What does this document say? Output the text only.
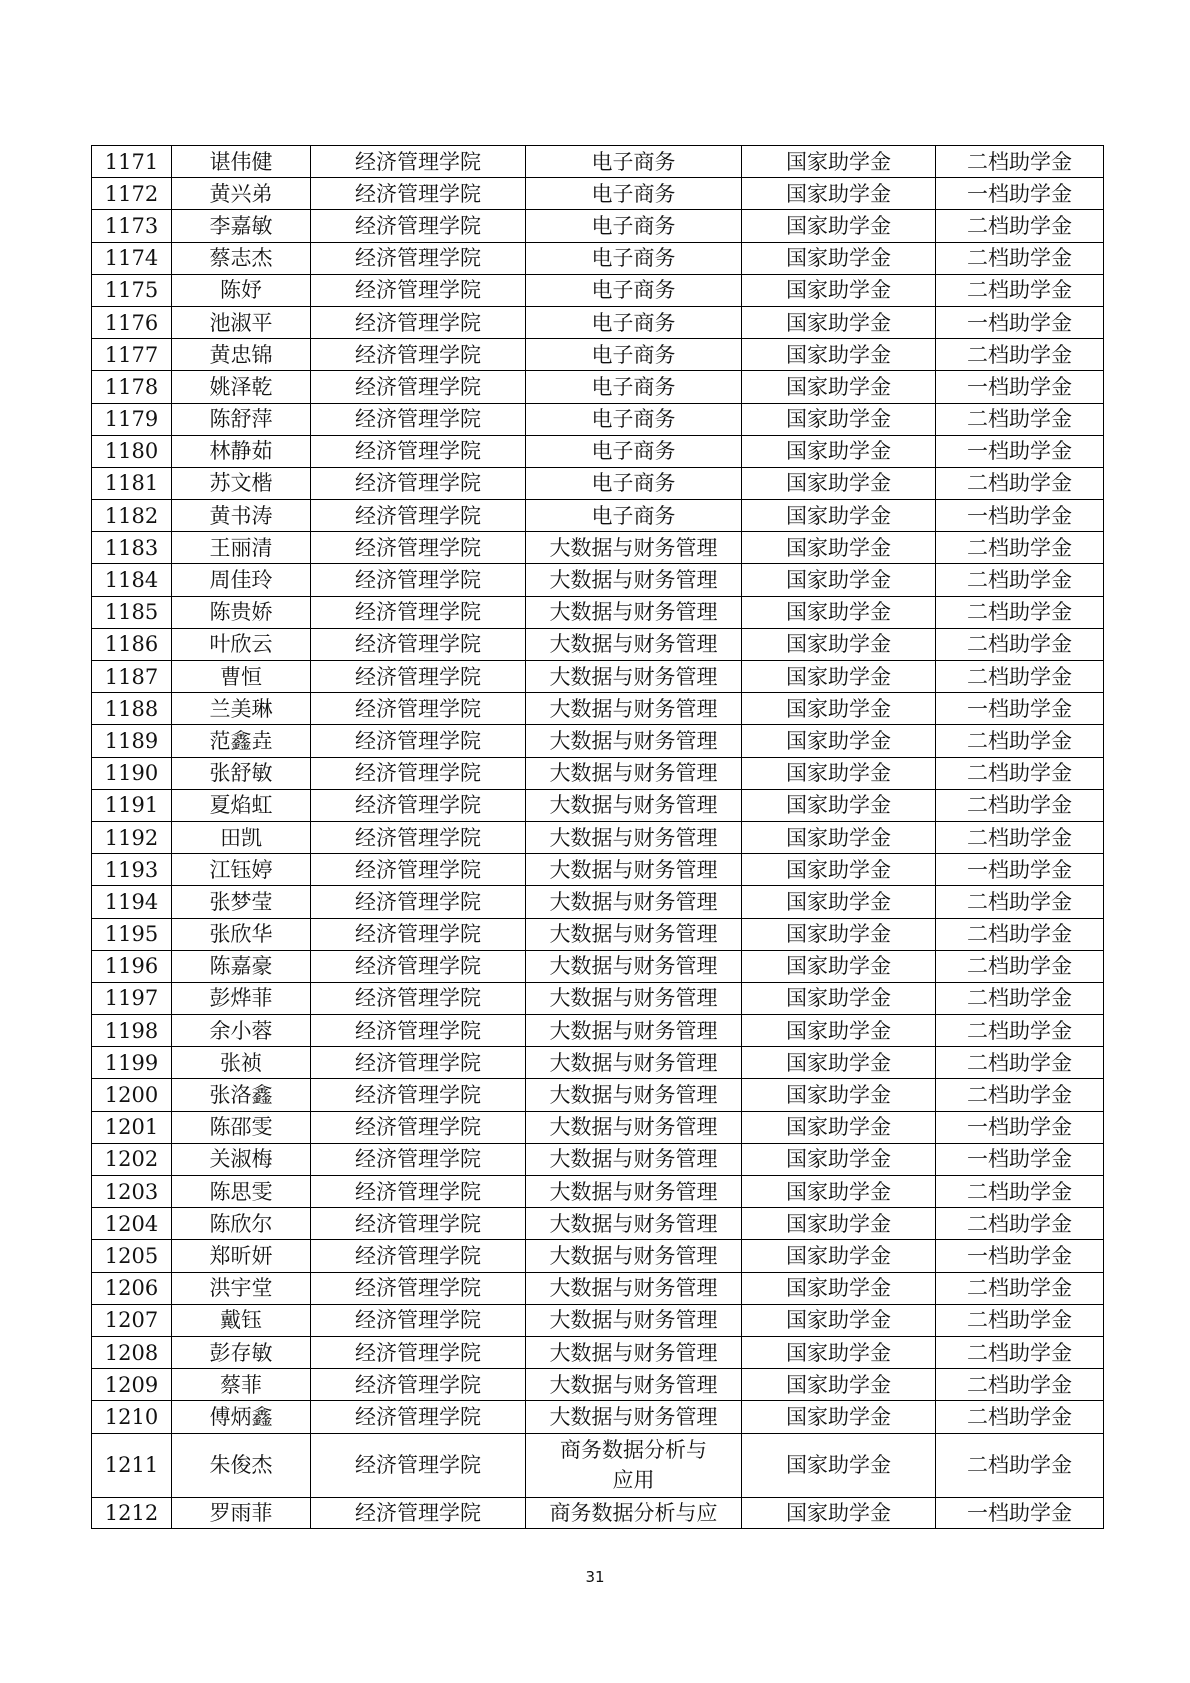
1171	谌伟健	经济管理学院	电子商务	国家助学金	二档助学金
1172	黄兴弟	经济管理学院	电子商务	国家助学金	一档助学金
1173	李嘉敏	经济管理学院	电子商务	国家助学金	二档助学金
1174	蔡志杰	经济管理学院	电子商务	国家助学金	二档助学金
1175	陈妤	经济管理学院	电子商务	国家助学金	二档助学金
1176	池淑平	经济管理学院	电子商务	国家助学金	一档助学金
1177	黄忠锦	经济管理学院	电子商务	国家助学金	二档助学金
1178	姚泽乾	经济管理学院	电子商务	国家助学金	一档助学金
1179	陈舒萍	经济管理学院	电子商务	国家助学金	二档助学金
1180	林静茹	经济管理学院	电子商务	国家助学金	一档助学金
1181	苏文楷	经济管理学院	电子商务	国家助学金	二档助学金
1182	黄书涛	经济管理学院	电子商务	国家助学金	一档助学金
1183	王丽清	经济管理学院	大数据与财务管理	国家助学金	二档助学金
1184	周佳玲	经济管理学院	大数据与财务管理	国家助学金	二档助学金
1185	陈贵娇	经济管理学院	大数据与财务管理	国家助学金	二档助学金
1186	叶欣云	经济管理学院	大数据与财务管理	国家助学金	二档助学金
1187	曹恒	经济管理学院	大数据与财务管理	国家助学金	二档助学金
1188	兰美琳	经济管理学院	大数据与财务管理	国家助学金	一档助学金
1189	范鑫垚	经济管理学院	大数据与财务管理	国家助学金	二档助学金
1190	张舒敏	经济管理学院	大数据与财务管理	国家助学金	二档助学金
1191	夏焰虹	经济管理学院	大数据与财务管理	国家助学金	二档助学金
1192	田凯	经济管理学院	大数据与财务管理	国家助学金	二档助学金
1193	江钰婷	经济管理学院	大数据与财务管理	国家助学金	一档助学金
1194	张梦莹	经济管理学院	大数据与财务管理	国家助学金	二档助学金
1195	张欣华	经济管理学院	大数据与财务管理	国家助学金	二档助学金
1196	陈嘉豪	经济管理学院	大数据与财务管理	国家助学金	二档助学金
1197	彭烨菲	经济管理学院	大数据与财务管理	国家助学金	二档助学金
1198	余小蓉	经济管理学院	大数据与财务管理	国家助学金	二档助学金
1199	张祯	经济管理学院	大数据与财务管理	国家助学金	二档助学金
1200	张洛鑫	经济管理学院	大数据与财务管理	国家助学金	二档助学金
1201	陈邵雯	经济管理学院	大数据与财务管理	国家助学金	一档助学金
1202	关淑梅	经济管理学院	大数据与财务管理	国家助学金	一档助学金
1203	陈思雯	经济管理学院	大数据与财务管理	国家助学金	二档助学金
1204	陈欣尔	经济管理学院	大数据与财务管理	国家助学金	二档助学金
1205	郑昕妍	经济管理学院	大数据与财务管理	国家助学金	一档助学金
1206	洪宇堂	经济管理学院	大数据与财务管理	国家助学金	二档助学金
1207	戴钰	经济管理学院	大数据与财务管理	国家助学金	二档助学金
1208	彭存敏	经济管理学院	大数据与财务管理	国家助学金	二档助学金
1209	蔡菲	经济管理学院	大数据与财务管理	国家助学金	二档助学金
1210	傅炳鑫	经济管理学院	大数据与财务管理	国家助学金	二档助学金
1211	朱俊杰	经济管理学院	商务数据分析与
应用	国家助学金	二档助学金

1212	罗雨菲	经济管理学院	商务数据分析与应	国家助学金	一档助学金
31
